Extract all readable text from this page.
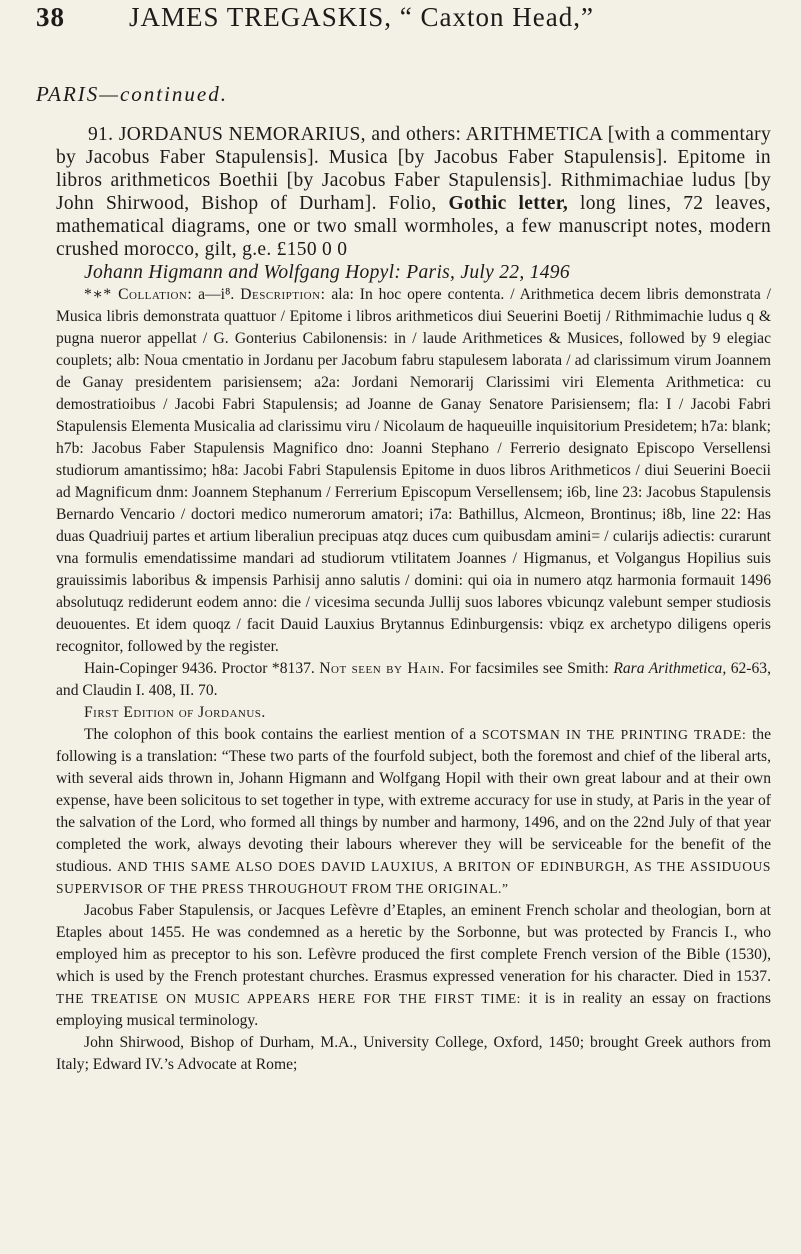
38 JAMES TREGASKIS, “ Caxton Head,”
PARIS—continued.

91. JORDANUS NEMORARIUS, and others: ARITHMETICA [with a commentary by Jacobus Faber Stapulensis]. Musica [by Jacobus Faber Stapulensis]. Epitome in libros arithmeticos Boethii [by Jacobus Faber Stapulensis]. Rithmimachiae ludus [by John Shirwood, Bishop of Durham]. Folio, Gothic letter, long lines, 72 leaves, mathematical diagrams, one or two small wormholes, a few manuscript notes, modern crushed morocco, gilt, g.e. £150 0 0

Johann Higmann and Wolfgang Hopyl: Paris, July 22, 1496

*∗* Collation: a—i⁸. Description: ala: In hoc opere contenta. / Arithmetica decem libris demonstrata / Musica libris demonstrata quattuor / Epitome i libros arithmeticos diui Seuerini Boetij / Rithmimachie ludus q & pugna nueror appellat / G. Gonterius Cabilonensis: in / laude Arithmetices & Musices, followed by 9 elegiac couplets; alb: Noua cmentatio in Jordanu per Jacobum fabru stapulesem laborata / ad clarissimum virum Joannem de Ganay presidentem parisiensem; a2a: Jordani Nemorarij Clarissimi viri Elementa Arithmetica: cu demostratioibus / Jacobi Fabri Stapulensis; ad Joanne de Ganay Senatore Parisiensem; fla: I / Jacobi Fabri Stapulensis Elementa Musicalia ad clarissimu viru / Nicolaum de haqueuille inquisitorium Presidetem; h7a: blank; h7b: Jacobus Faber Stapulensis Magnifico dno: Joanni Stephano / Ferrerio designato Episcopo Versellensi studiorum amantissimo; h8a: Jacobi Fabri Stapulensis Epitome in duos libros Arithmeticos / diui Seuerini Boecii ad Magnificum dnm: Joannem Stephanum / Ferrerium Episcopum Versellensem; i6b, line 23: Jacobus Stapulensis Bernardo Vencario / doctori medico numerorum amatori; i7a: Bathillus, Alcmeon, Brontinus; i8b, line 22: Has duas Quadriuij partes et artium liberaliun precipuas atqz duces cum quibusdam amini= / cularijs adiectis: curarunt vna formulis emendatissime mandari ad studiorum vtilitatem Joannes / Higmanus, et Volgangus Hopilius suis grauissimis laboribus & impensis Parhisij anno salutis / domini: qui oia in numero atqz harmonia formauit 1496 absolutuqz rediderunt eodem anno: die / vicesima secunda Jullij suos labores vbicunqz valebunt semper studiosis deuouentes. Et idem quoqz / facit Dauid Lauxius Brytannus Edinburgensis: vbiqz ex archetypo diligens operis recognitor, followed by the register.

Hain-Copinger 9436. Proctor *8137. Not seen by Hain. For facsimiles see Smith: Rara Arithmetica, 62-63, and Claudin I. 408, II. 70.

First Edition of Jordanus.

The colophon of this book contains the earliest mention of a SCOTSMAN IN THE PRINTING TRADE: the following is a translation: “These two parts of the fourfold subject, both the foremost and chief of the liberal arts, with several aids thrown in, Johann Higmann and Wolfgang Hopil with their own great labour and at their own expense, have been solicitous to set together in type, with extreme accuracy for use in study, at Paris in the year of the salvation of the Lord, who formed all things by number and harmony, 1496, and on the 22nd July of that year completed the work, always devoting their labours wherever they will be serviceable for the benefit of the studious. AND THIS SAME ALSO DOES DAVID LAUXIUS, A BRITON OF EDINBURGH, AS THE ASSIDUOUS SUPERVISOR OF THE PRESS THROUGHOUT FROM THE ORIGINAL.”

Jacobus Faber Stapulensis, or Jacques Lefèvre d’Etaples, an eminent French scholar and theologian, born at Etaples about 1455. He was condemned as a heretic by the Sorbonne, but was protected by Francis I., who employed him as preceptor to his son. Lefèvre produced the first complete French version of the Bible (1530), which is used by the French protestant churches. Erasmus expressed veneration for his character. Died in 1537. THE TREATISE ON MUSIC APPEARS HERE FOR THE FIRST TIME: it is in reality an essay on fractions employing musical terminology.

John Shirwood, Bishop of Durham, M.A., University College, Oxford, 1450; brought Greek authors from Italy; Edward IV.’s Advocate at Rome;
